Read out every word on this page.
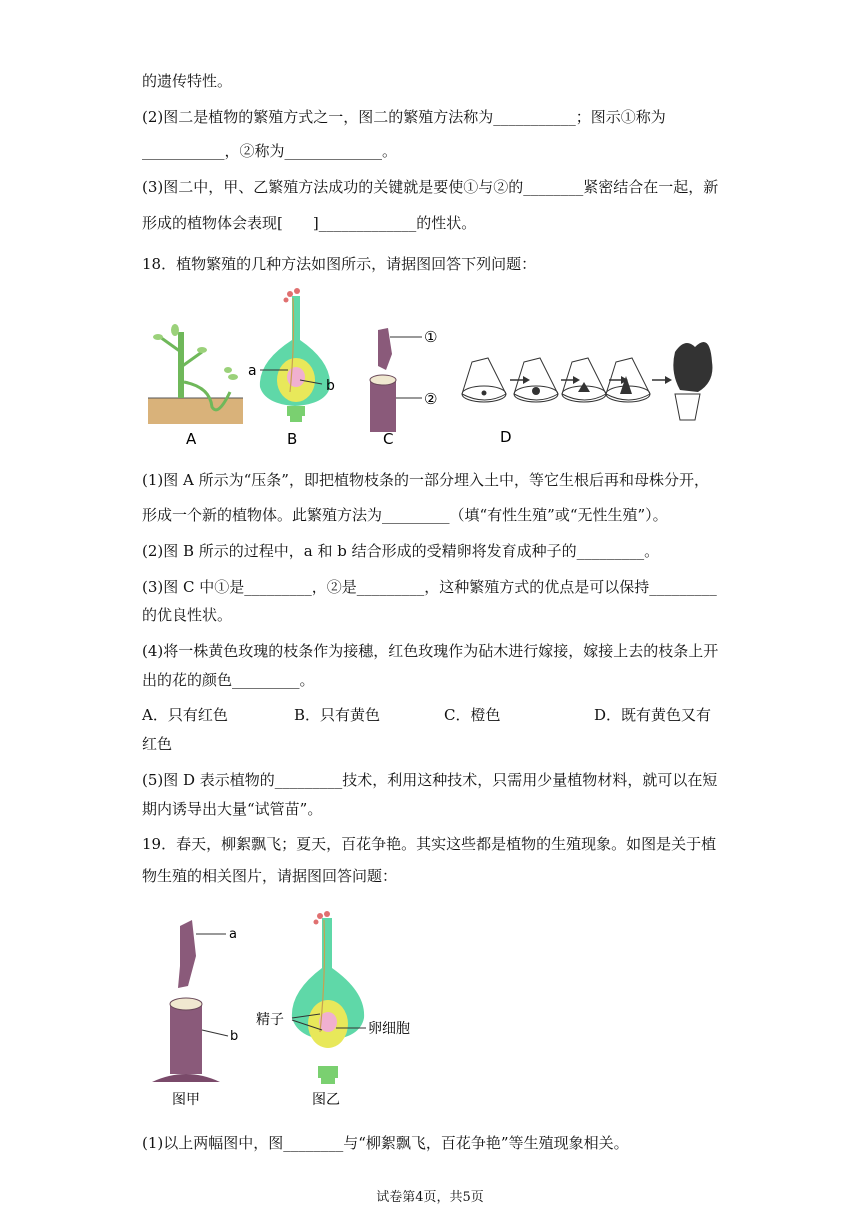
的遗传特性。
(2)图二是植物的繁殖方式之一，图二的繁殖方法称为___________；图示①称为
___________，②称为_____________。
(3)图二中，甲、乙繁殖方法成功的关键就是要使①与②的________紧密结合在一起，新
形成的植物体会表现[　　]_____________的性状。
18．植物繁殖的几种方法如图所示，请据图回答下列问题：
A	B	C	D
a
b
①
②
(1)图 A 所示为“压条”，即把植物枝条的一部分埋入土中，等它生根后再和母株分开，
形成一个新的植物体。此繁殖方法为_________（填“有性生殖”或“无性生殖”）。
(2)图 B 所示的过程中，a 和 b 结合形成的受精卵将发育成种子的_________。
(3)图 C 中①是_________，②是_________，这种繁殖方式的优点是可以保持_________
的优良性状。
(4)将一株黄色玫瑰的枝条作为接穗，红色玫瑰作为砧木进行嫁接，嫁接上去的枝条上开
出的花的颜色_________。
A．只有红色	B．只有黄色	C．橙色	D．既有黄色又有
红色
(5)图 D 表示植物的_________技术，利用这种技术，只需用少量植物材料，就可以在短
期内诱导出大量“试管苗”。
19．春天，柳絮飘飞；夏天，百花争艳。其实这些都是植物的生殖现象。如图是关于植
物生殖的相关图片，请据图回答问题：
a
b
精子
卵细胞
图甲	图乙
(1)以上两幅图中，图________与“柳絮飘飞，百花争艳”等生殖现象相关。
试卷第4页，共5页
